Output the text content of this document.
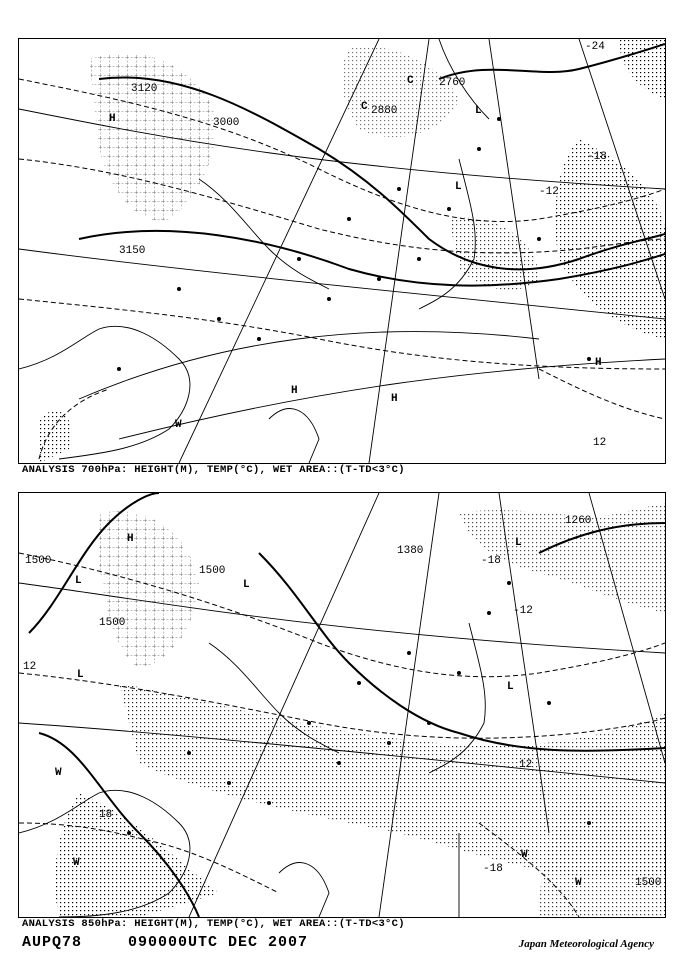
3120
3000
2760
2880
3150
-24
-18
-12
12
H
H
H
H
C	L
C
L
W
ANALYSIS 700hPa: HEIGHT(M), TEMP(°C), WET AREA::(T-TD<3°C)
1500
1500
1500
1380
1260
1500
-18
-12
12
12
18
-18
H
L	L
L
L
L
W
W
W
W
ANALYSIS 850hPa: HEIGHT(M), TEMP(°C), WET AREA::(T-TD<3°C)
AUPQ78	090000UTC DEC 2007	Japan Meteorological Agency
